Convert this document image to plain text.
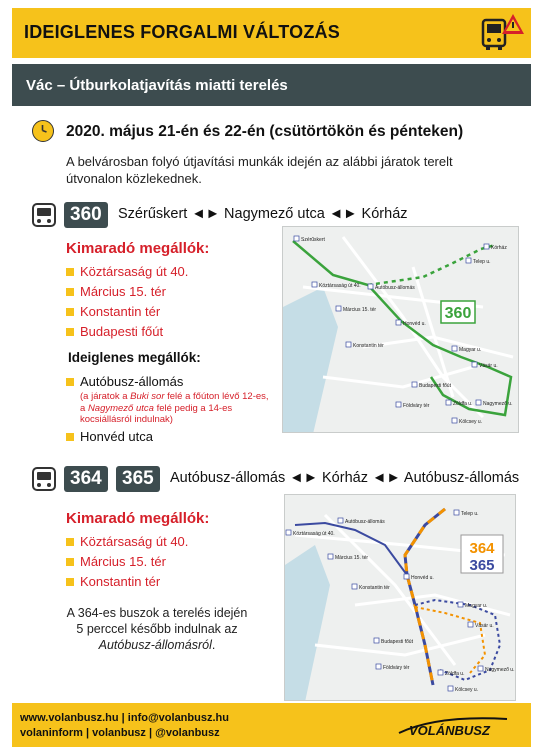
IDEIGLENES FORGALMI VÁLTOZÁS
Vác – Útburkolatjavítás miatti terelés
2020. május 21-én és 22-én (csütörtökön és pénteken)
A belvárosban folyó útjavítási munkák idején az alábbi járatok terelt útvonalon közlekednek.
360	Szérűskert ◄► Nagymező utca ◄► Kórház
Kimaradó megállók:
Köztársaság út 40.
Március 15. tér
Konstantin tér
Budapesti főút
Ideiglenes megállók:
Autóbusz-állomás
(a járatok a Buki sor felé a főúton lévő 12-es, a Nagymező utca felé pedig a 14-es kocsiállásról indulnak)
Honvéd utca
360
Kórház
Telep u.
Szérűskert
Köztársaság út 40.	Autóbusz-állomás
Március 15. tér
Konstantin tér
Honvéd u.
Magyar u.
Vásár u.
Budapesti főút
Földváry tér	Zöldfa u.
Kölcsey u.
Nagymező u.
364	365	Autóbusz-állomás ◄► Kórház ◄► Autóbusz-állomás
Kimaradó megállók:
Köztársaság út 40.
Március 15. tér
Konstantin tér
A 364-es buszok a terelés idején 5 perccel később indulnak az Autóbusz-állomásról.
364
365
Autóbusz-állomás
Telep u.
Köztársaság út 40.
Március 15. tér
Konstantin tér
Honvéd u.
Magyar u.
Vásár u.
Budapesti főút
Földváry tér
Zöldfa u.
Kölcsey u.
Nagymező u.
www.volanbusz.hu | info@volanbusz.hu
volaninform | volanbusz | @volanbusz	VOLÁNBUSZ
